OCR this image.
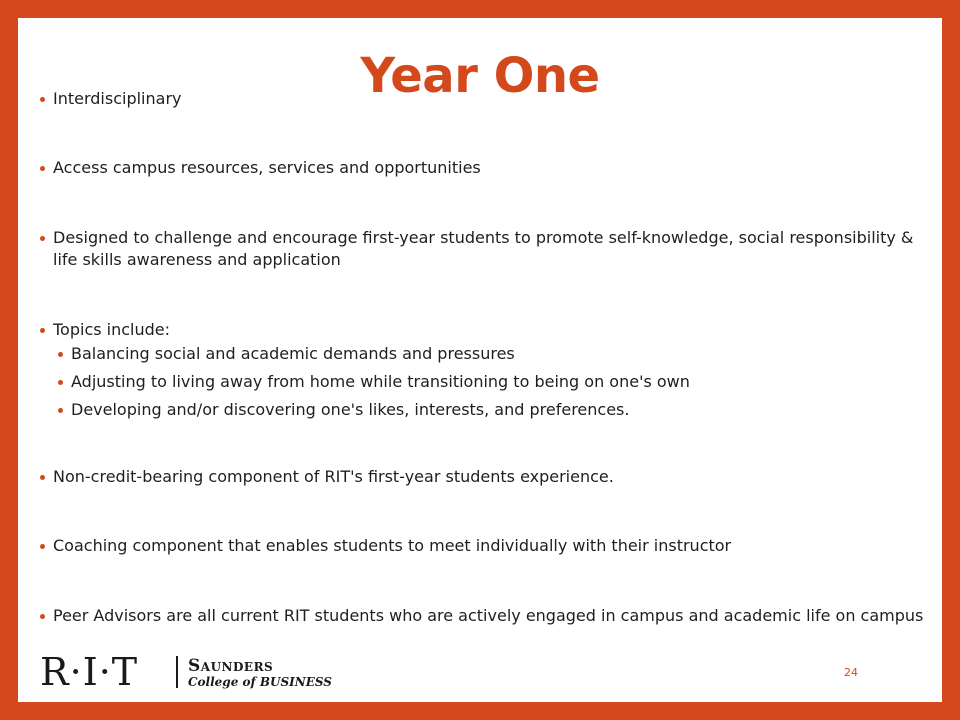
Year One
Interdisciplinary
Access campus resources, services and opportunities
Designed to challenge and encourage first-year students to promote self-knowledge, social responsibility & life skills awareness and application
Topics include:
Balancing social and academic demands and pressures
Adjusting to living away from home while transitioning to being on one's own
Developing and/or discovering one's likes, interests, and preferences.
Non-credit-bearing component of RIT's first-year students experience.
Coaching component that enables students to meet individually with their instructor
Peer Advisors are all current RIT students who are actively engaged in campus and academic life on campus
R·I·T	Saunders
College of BUSINESS
24
